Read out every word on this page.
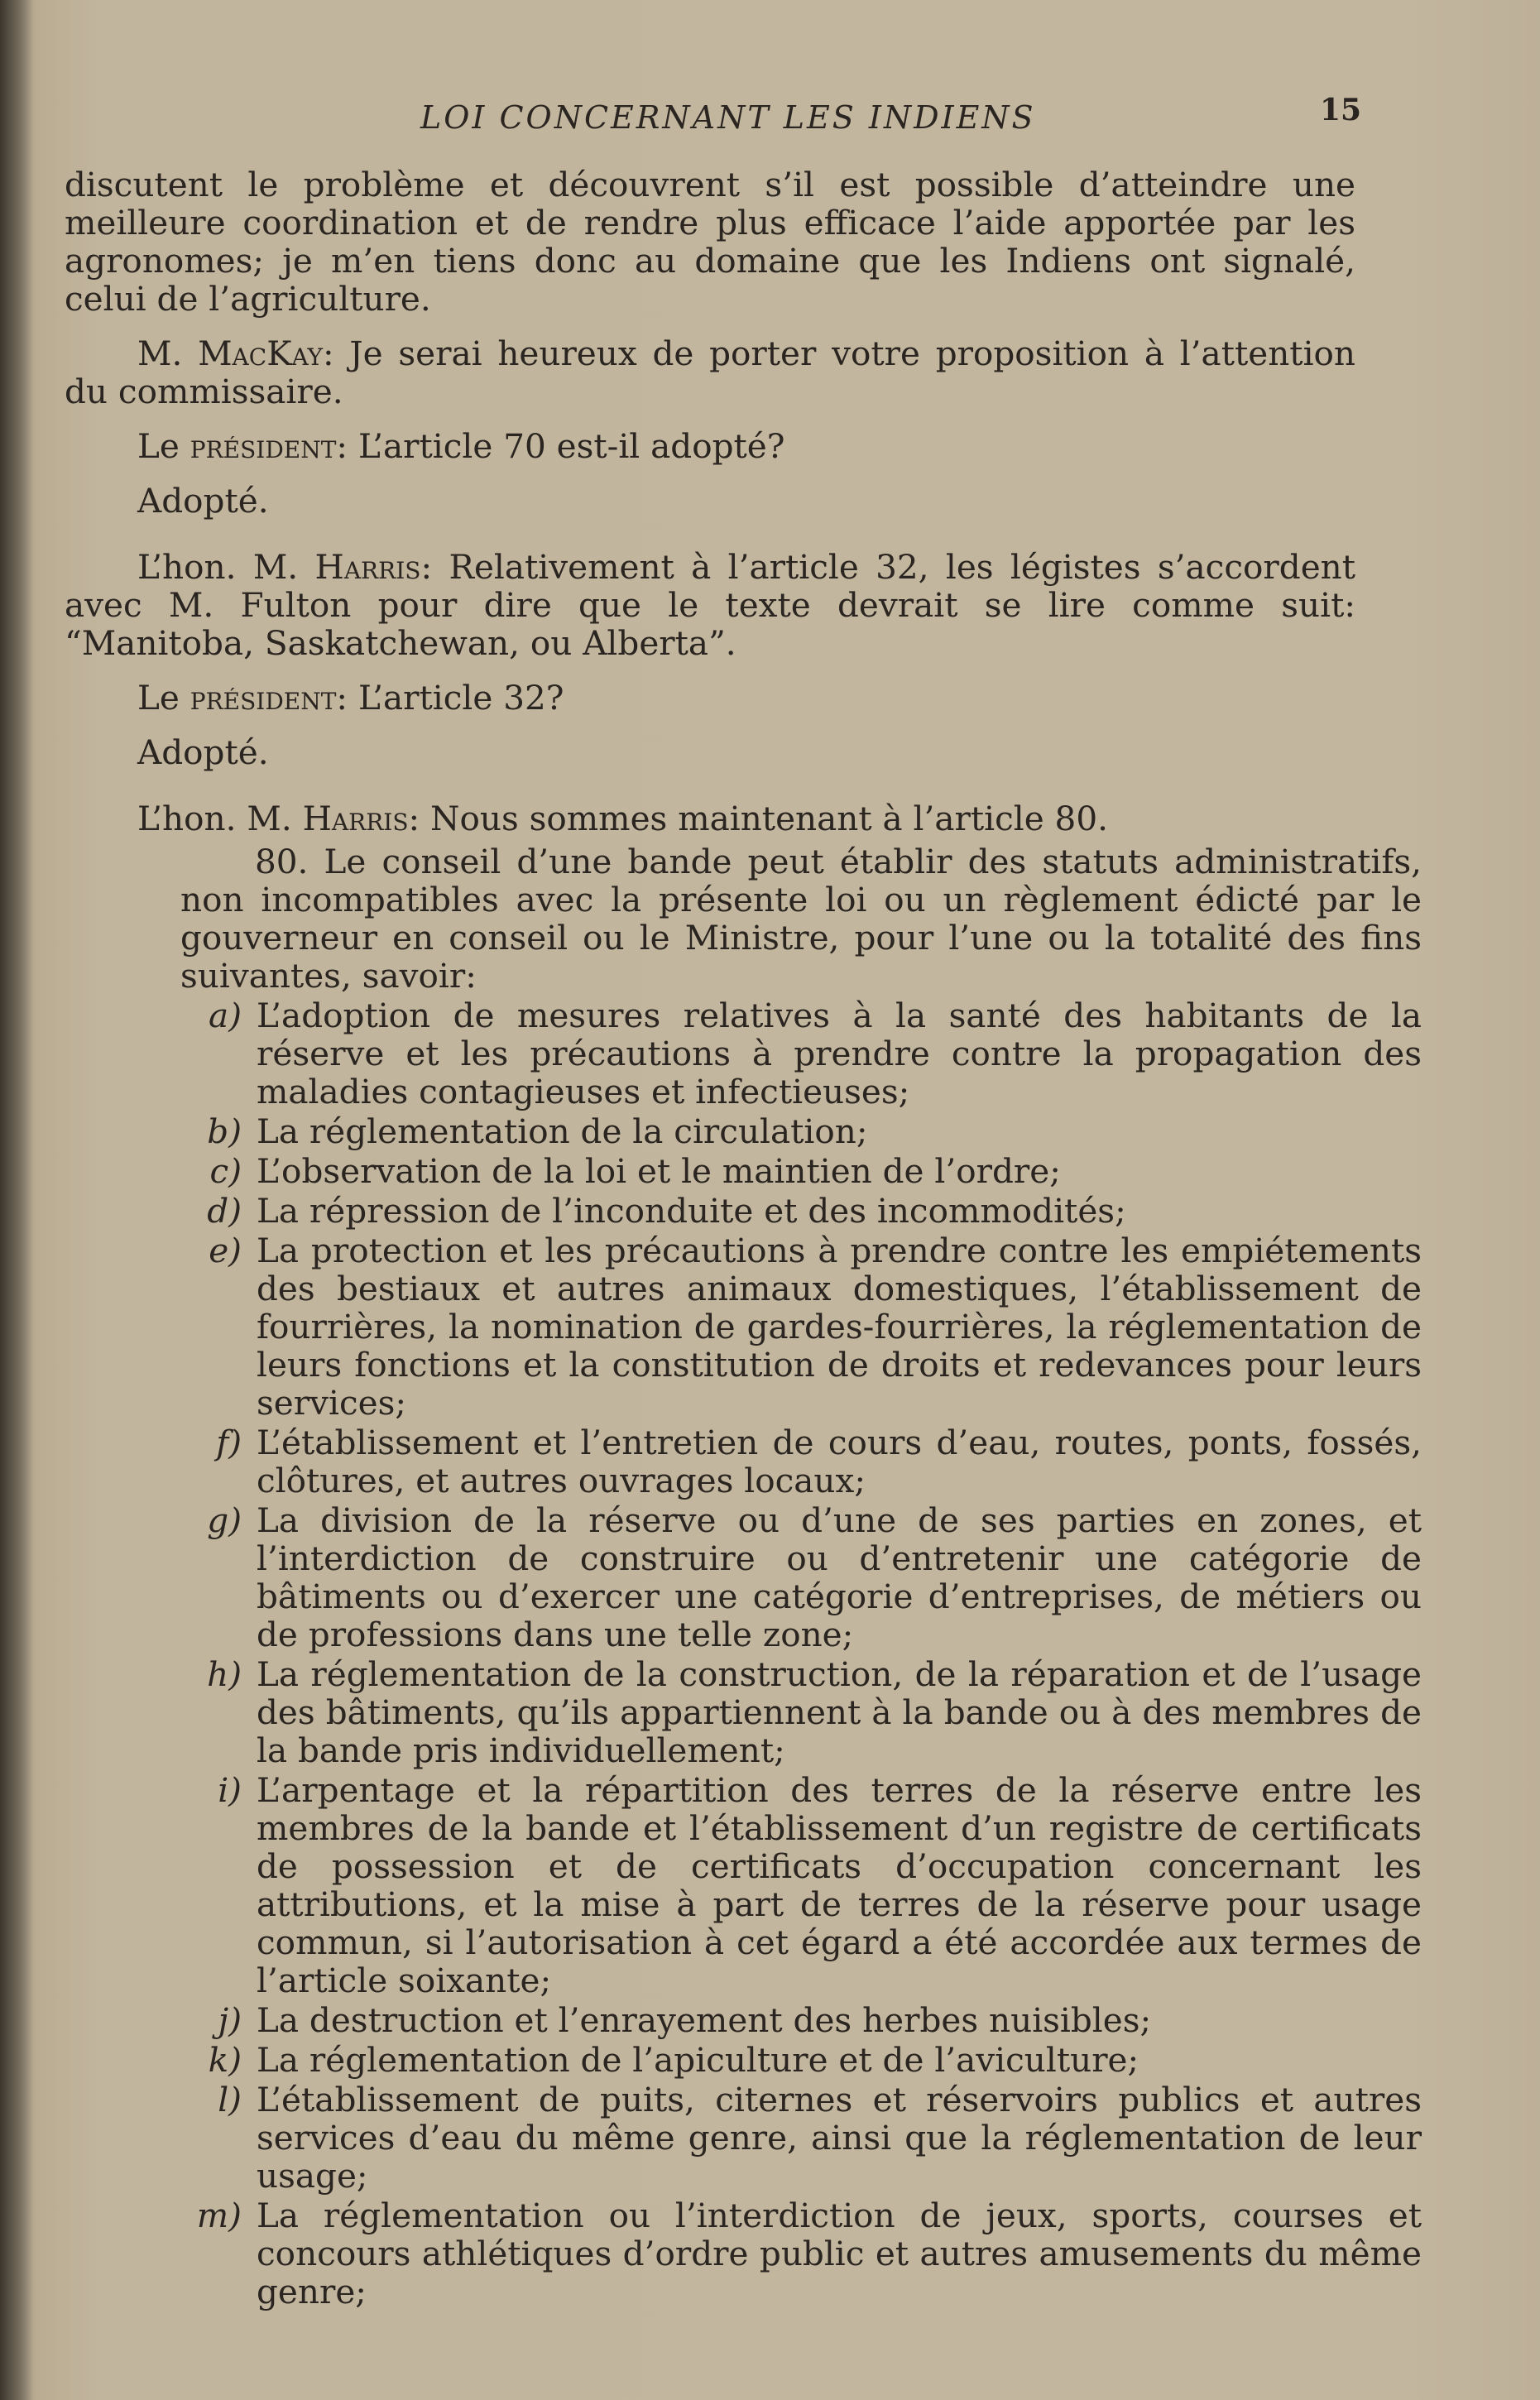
LOI CONCERNANT LES INDIENS	15

discutent le problème et découvrent s’il est possible d’atteindre une meilleure coordination et de rendre plus efficace l’aide apportée par les agronomes; je m’en tiens donc au domaine que les Indiens ont signalé, celui de l’agriculture.

M. MacKay: Je serai heureux de porter votre proposition à l’attention du commissaire.

Le président: L’article 70 est-il adopté?

Adopté.

L’hon. M. Harris: Relativement à l’article 32, les légistes s’accordent avec M. Fulton pour dire que le texte devrait se lire comme suit: “Manitoba, Saskatchewan, ou Alberta”.

Le président: L’article 32?

Adopté.

L’hon. M. Harris: Nous sommes maintenant à l’article 80.

80. Le conseil d’une bande peut établir des statuts administratifs, non incompatibles avec la présente loi ou un règlement édicté par le gouverneur en conseil ou le Ministre, pour l’une ou la totalité des fins suivantes, savoir:

a) L’adoption de mesures relatives à la santé des habitants de la réserve et les précautions à prendre contre la propagation des maladies contagieuses et infectieuses;
b) La réglementation de la circulation;
c) L’observation de la loi et le maintien de l’ordre;
d) La répression de l’inconduite et des incommodités;
e) La protection et les précautions à prendre contre les empiétements des bestiaux et autres animaux domestiques, l’établissement de fourrières, la nomination de gardes-fourrières, la réglementation de leurs fonctions et la constitution de droits et redevances pour leurs services;
f) L’établissement et l’entretien de cours d’eau, routes, ponts, fossés, clôtures, et autres ouvrages locaux;
g) La division de la réserve ou d’une de ses parties en zones, et l’interdiction de construire ou d’entretenir une catégorie de bâtiments ou d’exercer une catégorie d’entreprises, de métiers ou de professions dans une telle zone;
h) La réglementation de la construction, de la réparation et de l’usage des bâtiments, qu’ils appartiennent à la bande ou à des membres de la bande pris individuellement;
i) L’arpentage et la répartition des terres de la réserve entre les membres de la bande et l’établissement d’un registre de certificats de possession et de certificats d’occupation concernant les attributions, et la mise à part de terres de la réserve pour usage commun, si l’autorisation à cet égard a été accordée aux termes de l’article soixante;
j) La destruction et l’enrayement des herbes nuisibles;
k) La réglementation de l’apiculture et de l’aviculture;
l) L’établissement de puits, citernes et réservoirs publics et autres services d’eau du même genre, ainsi que la réglementation de leur usage;
m) La réglementation ou l’interdiction de jeux, sports, courses et concours athlétiques d’ordre public et autres amusements du même genre;
